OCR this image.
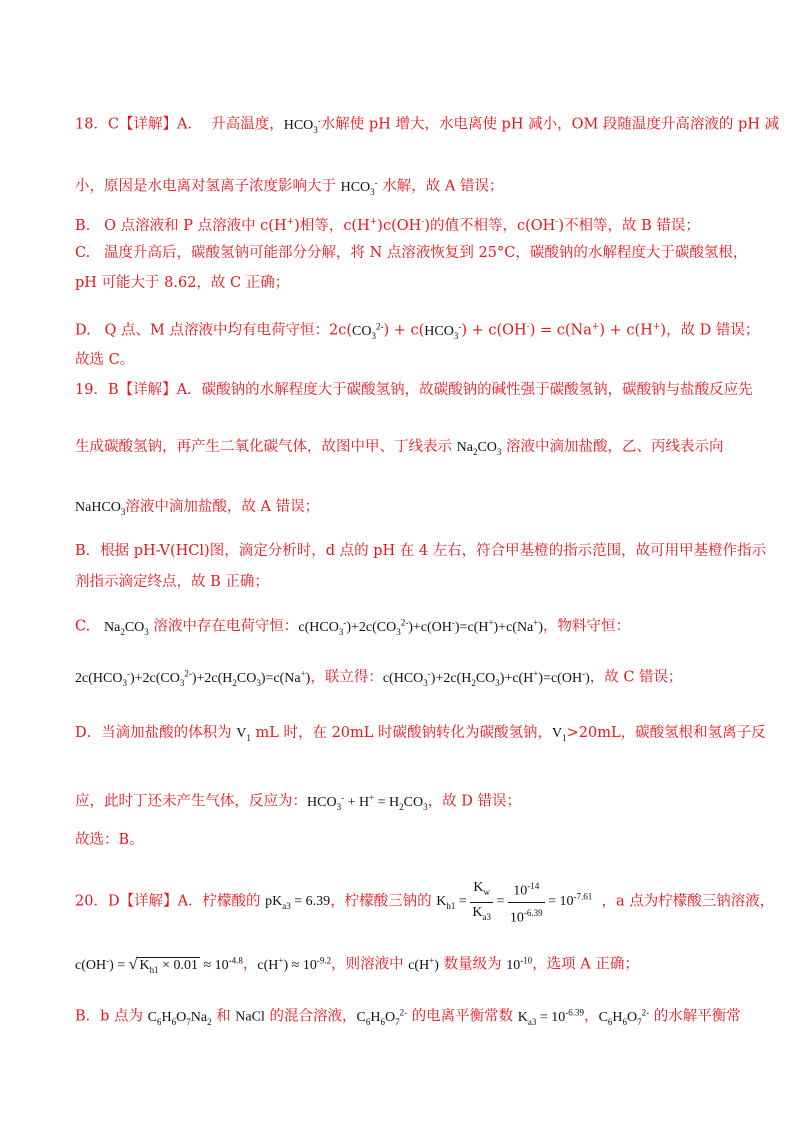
18．C【详解】A．  升高温度，$HCO_3^-$水解使 pH 增大，水电离使 pH 减小，OM 段随温度升高溶液的 pH 减
小，原因是水电离对氢离子浓度影响大于 $HCO_3^-$ 水解，故 A 错误；
B.   O 点溶液和 P 点溶液中 c(H+)相等，c(H+)c(OH-)的值不相等，c(OH-)不相等，故 B 错误；
C.   温度升高后，碳酸氢钠可能部分分解，将 N 点溶液恢复到 25°C，碳酸钠的水解程度大于碳酸氢根，
pH 可能大于 8.62，故 C 正确；
D.   Q 点、M 点溶液中均有电荷守恒：$2c(CO_3^{2-}) + c(HCO_3^-) + c(OH^-) = c(Na^+) + c(H^+)$，故 D 错误；
故选 C。
19．B【详解】A．碳酸钠的水解程度大于碳酸氢钠，故碳酸钠的碱性强于碳酸氢钠，碳酸钠与盐酸反应先
生成碳酸氢钠，再产生二氧化碳气体，故图中甲、丁线表示 $Na_2CO_3$ 溶液中滴加盐酸，乙、丙线表示向
NaHCO$_3$溶液中滴加盐酸，故 A 错误；
B．根据 pH-V(HCl)图，滴定分析时，d 点的 pH 在 4 左右，符合甲基橙的指示范围，故可用甲基橙作指示
剂指示滴定终点，故 B 正确；
C.   $Na_2CO_3$ 溶液中存在电荷守恒：$c(HCO_3^-)+2c(CO_3^{2-})+c(OH^-)=c(H^+)+c(Na^+)$，物料守恒：
$2c(HCO_3^-)+2c(CO_3^{2-})+2c(H_2CO_3)=c(Na^+)$，联立得：$c(HCO_3^-)+2c(H_2CO_3)+c(H^+)=c(OH^-)$，故 C 错误；
D．当滴加盐酸的体积为 $V_1$ mL 时，在 20mL 时碳酸钠转化为碳酸氢钠，$V_1>20mL$，碳酸氢根和氢离子反
应，此时丁还未产生气体，反应为：$HCO_3^- + H^+ = H_2CO_3$，故 D 错误；
故选：B。
20．D【详解】A．柠檬酸的 $pK_{a3} = 6.39$，柠檬酸三钠的 $K_{h1} = \frac{K_w}{K_{a3}} = \frac{10^{-14}}{10^{-6.39}} = 10^{-7.61}$  ，a 点为柠檬酸三钠溶液，
c(OH-) = √ $K_{h1} \times 0.01 \approx 10^{-4.8}$，$c(H^+) \approx 10^{-9.2}$，则溶液中 c(H+) 数量级为 $10^{-10}$，选项 A 正确；
B．b 点为 $C_6H_6O_7Na_2$ 和 NaCl 的混合溶液，$C_6H_6O_7^{2-}$ 的电离平衡常数 $K_{a3} = 10^{-6.39}$，$C_6H_6O_7^{2-}$ 的水解平衡常
